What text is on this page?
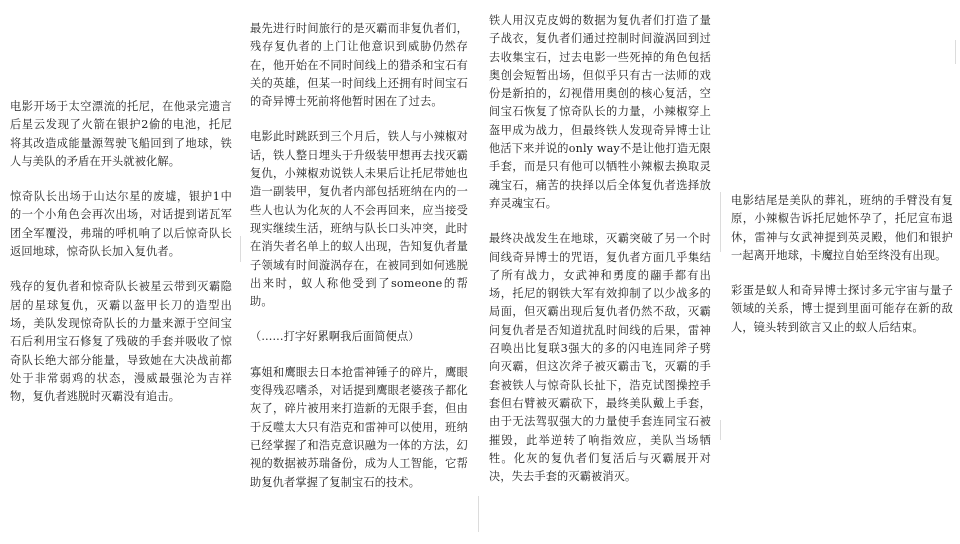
电影开场于太空漂流的托尼，在他录完遗言后星云发现了火箭在银护2偷的电池，托尼将其改造成能量源驾驶飞船回到了地球，铁人与美队的矛盾在开头就被化解。

惊奇队长出场于山达尔星的废墟，银护1中的一个小角色会再次出场，对话提到诺瓦军团全军覆没，弗瑞的呼机响了以后惊奇队长返回地球，惊奇队长加入复仇者。

残存的复仇者和惊奇队长被星云带到灭霸隐居的星球复仇，灭霸以盔甲长刀的造型出场，美队发现惊奇队长的力量来源于空间宝石后利用宝石修复了残破的手套并吸收了惊奇队长绝大部分能量，导致她在大决战前都处于非常弱鸡的状态，漫威最强沦为吉祥物，复仇者逃脱时灭霸没有追击。

最先进行时间旅行的是灭霸而非复仇者们，残存复仇者的上门让他意识到威胁仍然存在，他开始在不同时间线上的猎杀和宝石有关的英雄，但某一时间线上还拥有时间宝石的奇异博士死前将他暂时困在了过去。

电影此时跳跃到三个月后，铁人与小辣椒对话，铁人整日埋头于升级装甲想再去找灭霸复仇，小辣椒劝说铁人未果后让托尼带她也造一副装甲，复仇者内部包括班纳在内的一些人也认为化灰的人不会再回来，应当接受现实继续生活，班纳与队长口头冲突，此时在消失者名单上的蚁人出现，告知复仇者量子领域有时间漩涡存在，在被同到如何逃脱出来时，蚁人称他受到了someone的帮助。

（......打字好累啊我后面简便点）

寡姐和鹰眼去日本抢雷神锤子的碎片，鹰眼变得残忍嗜杀，对话提到鹰眼老婆孩子都化灰了，碎片被用来打造新的无限手套，但由于反噬太大只有浩克和雷神可以使用，班纳已经掌握了和浩克意识融为一体的方法，幻视的数据被苏瑞备份，成为人工智能，它帮助复仇者掌握了复制宝石的技术。

铁人用汉克皮姆的数据为复仇者们打造了量子战衣，复仇者们通过控制时间漩涡回到过去收集宝石，过去电影一些死掉的角色包括奥创会短暂出场，但似乎只有古一法师的戏份是新拍的，幻视借用奥创的核心复活，空间宝石恢复了惊奇队长的力量，小辣椒穿上盔甲成为战力，但最终铁人发现奇异博士让他活下来并说的only way不是让他打造无限手套，而是只有他可以牺牲小辣椒去换取灵魂宝石，痛苦的抉择以后全体复仇者选择放弃灵魂宝石。

最终决战发生在地球，灭霸突破了另一个时间线奇异博士的咒语，复仇者方面几乎集结了所有战力，女武神和勇度的翮手都有出场，托尼的钢铁大军有效抑制了以少战多的局面，但灭霸出现后复仇者仍然不敌，灭霸问复仇者是否知道扰乱时间线的后果，雷神召唤出比复联3强大的多的闪电连同斧子劈向灭霸，但这次斧子被灭霸击飞，灭霸的手套被铁人与惊奇队长扯下，浩克试图操控手套但右臂被灭霸砍下，最终美队戴上手套，由于无法驾驭强大的力量使手套连同宝石被摧毁，此举逆转了响指效应，美队当场牺牲。化灰的复仇者们复活后与灭霸展开对决，失去手套的灭霸被消灭。

电影结尾是美队的葬礼，班纳的手臂没有复原，小辣椒告诉托尼她怀孕了，托尼宣布退休，雷神与女武神提到英灵殿，他们和银护一起离开地球，卡魔拉自始至终没有出现。

彩蛋是蚁人和奇异博士探讨多元宇宙与量子领域的关系，博士提到里面可能存在新的敌人，镜头转到欲言又止的蚁人后结束。
